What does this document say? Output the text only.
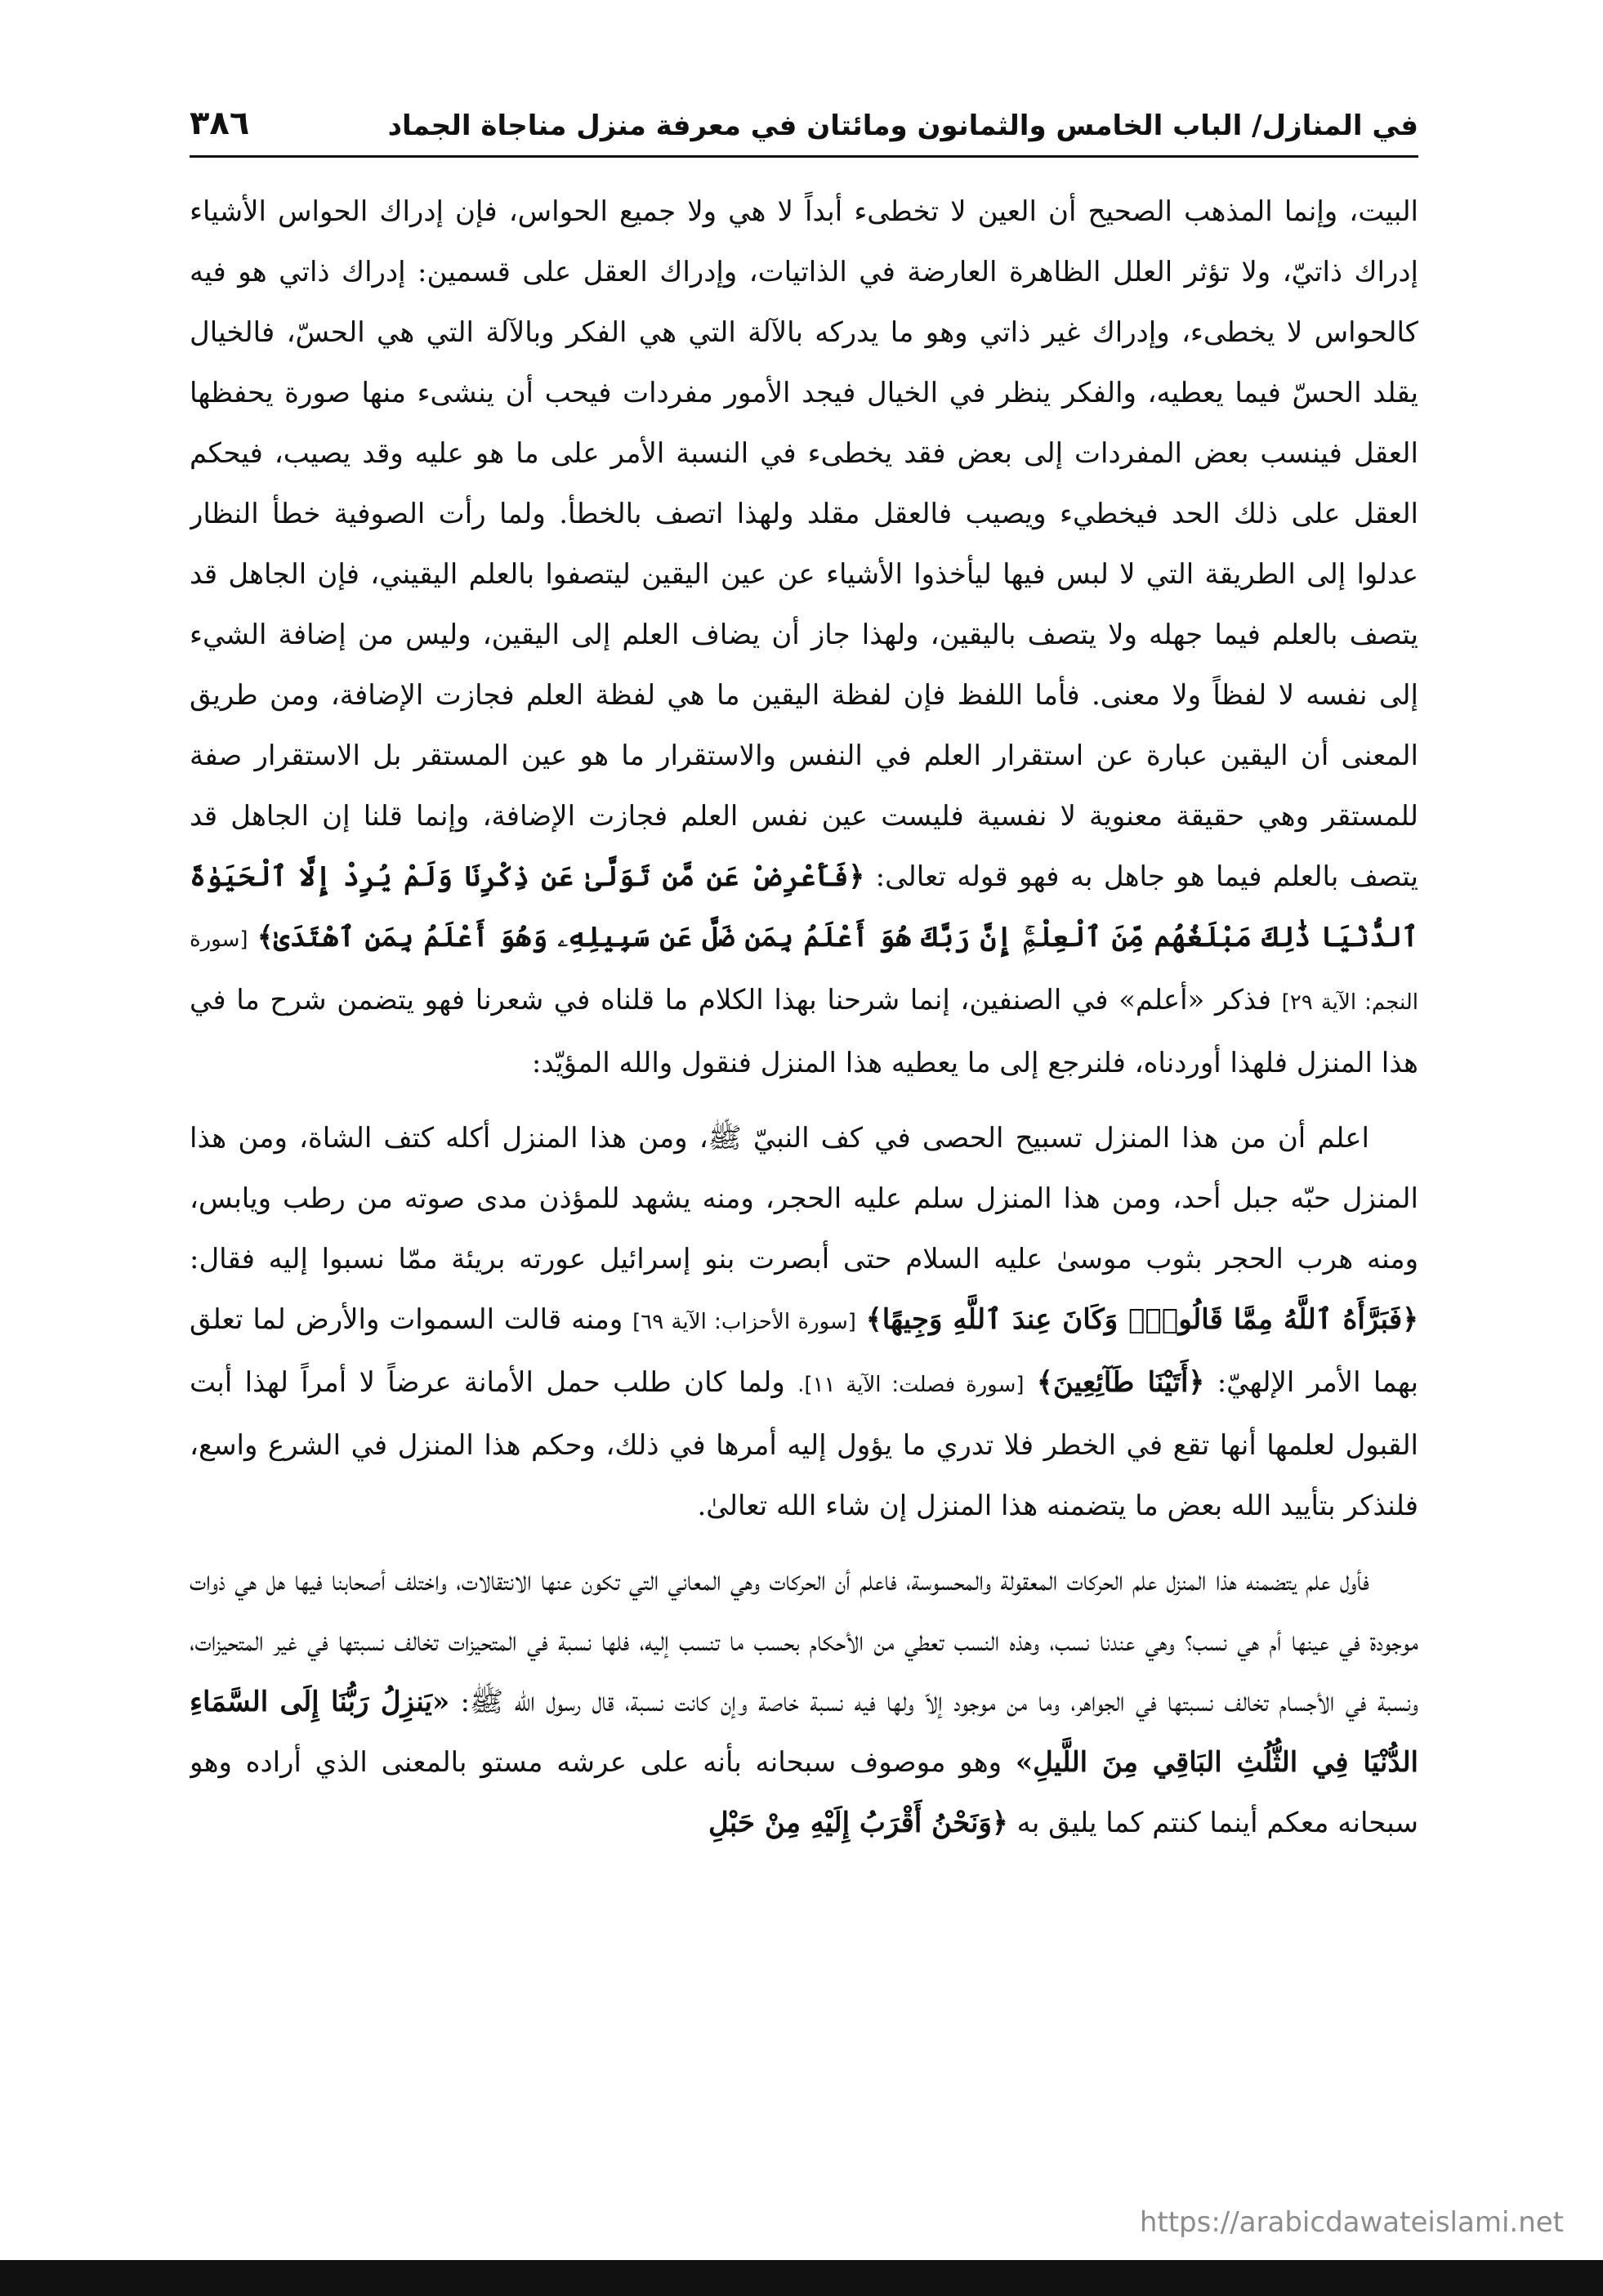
في المنازل/ الباب الخامس والثمانون ومائتان في معرفة منزل مناجاة الجماد
٣٨٦

البيت، وإنما المذهب الصحيح أن العين لا تخطىء أبداً لا هي ولا جميع الحواس، فإن إدراك الحواس الأشياء إدراك ذاتيّ، ولا تؤثر العلل الظاهرة العارضة في الذاتيات، وإدراك العقل على قسمين: إدراك ذاتي هو فيه كالحواس لا يخطىء، وإدراك غير ذاتي وهو ما يدركه بالآلة التي هي الفكر وبالآلة التي هي الحسّ، فالخيال يقلد الحسّ فيما يعطيه، والفكر ينظر في الخيال فيجد الأمور مفردات فيحب أن ينشىء منها صورة يحفظها العقل فينسب بعض المفردات إلى بعض فقد يخطىء في النسبة الأمر على ما هو عليه وقد يصيب، فيحكم العقل على ذلك الحد فيخطيء ويصيب فالعقل مقلد ولهذا اتصف بالخطأ. ولما رأت الصوفية خطأ النظار عدلوا إلى الطريقة التي لا لبس فيها ليأخذوا الأشياء عن عين اليقين ليتصفوا بالعلم اليقيني، فإن الجاهل قد يتصف بالعلم فيما جهله ولا يتصف باليقين، ولهذا جاز أن يضاف العلم إلى اليقين، وليس من إضافة الشيء إلى نفسه لا لفظاً ولا معنى. فأما اللفظ فإن لفظة اليقين ما هي لفظة العلم فجازت الإضافة، ومن طريق المعنى أن اليقين عبارة عن استقرار العلم في النفس والاستقرار ما هو عين المستقر بل الاستقرار صفة للمستقر وهي حقيقة معنوية لا نفسية فليست عين نفس العلم فجازت الإضافة، وإنما قلنا إن الجاهل قد يتصف بالعلم فيما هو جاهل به فهو قوله تعالى: ﴿فَأَعْرِضْ عَن مَّن تَوَلَّىٰ عَن ذِكْرِنَا وَلَمْ يُرِدْ إِلَّا ٱلْحَيَوٰةَ ٱلدُّنْيَا ذَٰلِكَ مَبْلَغُهُم مِّنَ ٱلْعِلْمِۚ إِنَّ رَبَّكَ هُوَ أَعْلَمُ بِمَن ضَلَّ عَن سَبِيلِهِۦ وَهُوَ أَعْلَمُ بِمَنِ ٱهْتَدَىٰ﴾ [سورة النجم: الآية ٢٩] فذكر «أعلم» في الصنفين، إنما شرحنا بهذا الكلام ما قلناه في شعرنا فهو يتضمن شرح ما في هذا المنزل فلهذا أوردناه، فلنرجع إلى ما يعطيه هذا المنزل فنقول والله المؤيّد:

اعلم أن من هذا المنزل تسبيح الحصى في كف النبيّ ﷺ، ومن هذا المنزل أكله كتف الشاة، ومن هذا المنزل حبّه جبل أحد، ومن هذا المنزل سلم عليه الحجر، ومنه يشهد للمؤذن مدى صوته من رطب ويابس، ومنه هرب الحجر بثوب موسىٰ عليه السلام حتى أبصرت بنو إسرائيل عورته بريئة ممّا نسبوا إليه فقال: ﴿فَبَرَّأَهُ ٱللَّهُ مِمَّا قَالُواْۚ وَكَانَ عِندَ ٱللَّهِ وَجِيهًا﴾ [سورة الأحزاب: الآية ٦٩] ومنه قالت السموات والأرض لما تعلق بهما الأمر الإلهيّ: ﴿أَتَيْنَا طَآئِعِينَ﴾ [سورة فصلت: الآية ١١]. ولما كان طلب حمل الأمانة عرضاً لا أمراً لهذا أبت القبول لعلمها أنها تقع في الخطر فلا تدري ما يؤول إليه أمرها في ذلك، وحكم هذا المنزل في الشرع واسع، فلنذكر بتأييد الله بعض ما يتضمنه هذا المنزل إن شاء الله تعالىٰ.

فأول علم يتضمنه هذا المنزل علم الحركات المعقولة والمحسوسة، فاعلم أن الحركات وهي المعاني التي تكون عنها الانتقالات، واختلف أصحابنا فيها هل هي ذوات موجودة في عينها أم هي نسب؟ وهي عندنا نسب، وهذه النسب تعطي من الأحكام بحسب ما تنسب إليه، فلها نسبة في المتحيزات تخالف نسبتها في غير المتحيزات، ونسبة في الأجسام تخالف نسبتها في الجواهر، وما من موجود إلاّ ولها فيه نسبة خاصة وإن كانت نسبة، قال رسول الله ﷺ: «يَنزِلُ رَبُّنَا إِلَى السَّمَاءِ الدُّنْيَا فِي الثُّلُثِ البَاقِي مِنَ اللَّيلِ» وهو موصوف سبحانه بأنه على عرشه مستو بالمعنى الذي أراده وهو سبحانه معكم أينما كنتم كما يليق به ﴿وَنَحْنُ أَقْرَبُ إِلَيْهِ مِنْ حَبْلِ

https://arabicdawateislami.net
